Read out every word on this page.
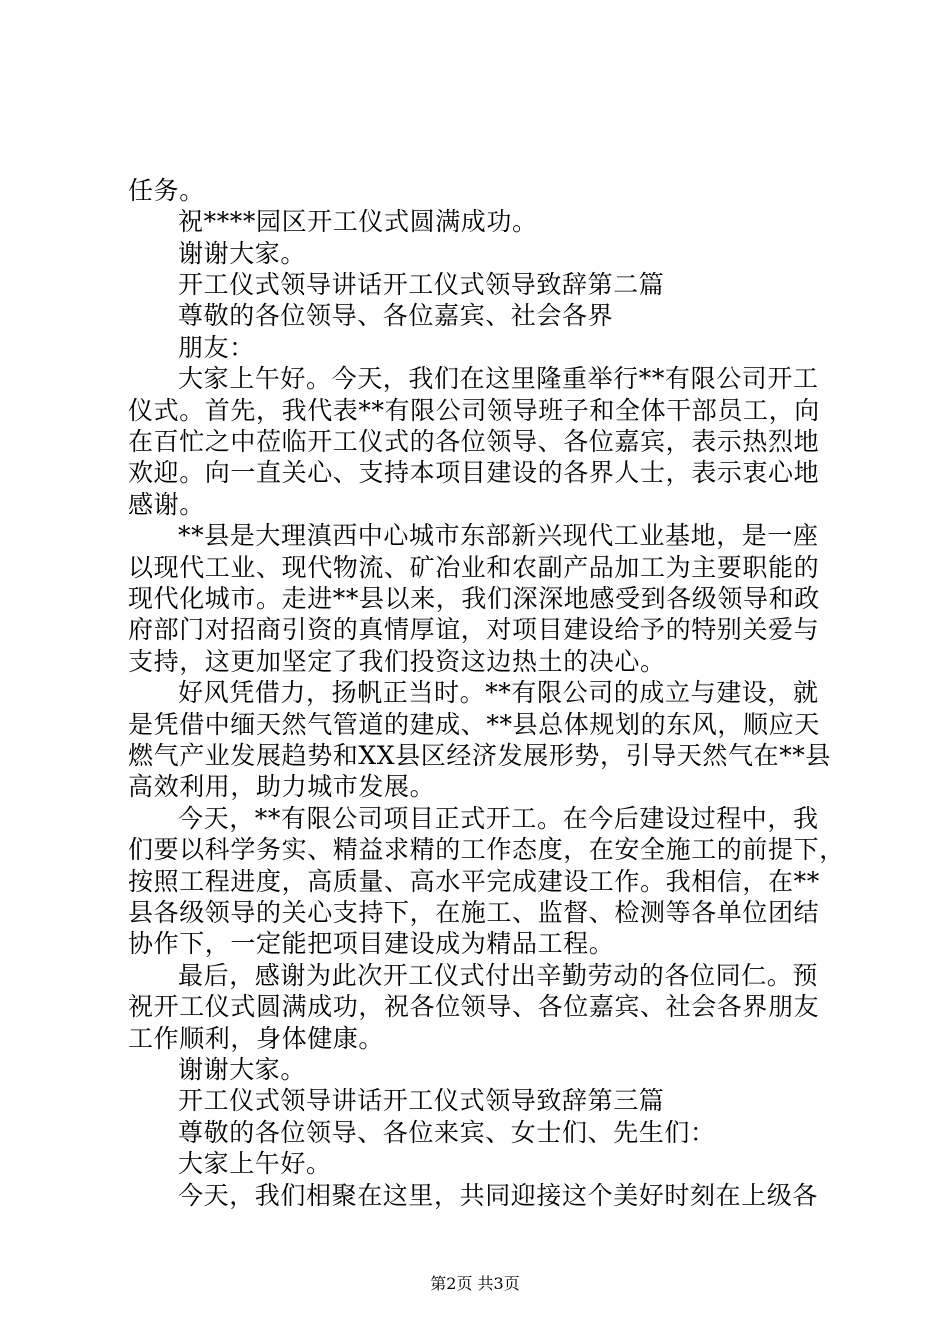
任务。
祝****园区开工仪式圆满成功。
谢谢大家。
开工仪式领导讲话开工仪式领导致辞第二篇
尊敬的各位领导、各位嘉宾、社会各界
朋友：
大家上午好。今天，我们在这里隆重举行**有限公司开工
仪式。首先，我代表**有限公司领导班子和全体干部员工，向
在百忙之中莅临开工仪式的各位领导、各位嘉宾，表示热烈地
欢迎。向一直关心、支持本项目建设的各界人士，表示衷心地
感谢。
**县是大理滇西中心城市东部新兴现代工业基地，是一座
以现代工业、现代物流、矿冶业和农副产品加工为主要职能的
现代化城市。走进**县以来，我们深深地感受到各级领导和政
府部门对招商引资的真情厚谊，对项目建设给予的特别关爱与
支持，这更加坚定了我们投资这边热土的决心。
好风凭借力，扬帆正当时。**有限公司的成立与建设，就
是凭借中缅天然气管道的建成、**县总体规划的东风，顺应天
燃气产业发展趋势和XX县区经济发展形势，引导天然气在**县
高效利用，助力城市发展。
今天，**有限公司项目正式开工。在今后建设过程中，我
们要以科学务实、精益求精的工作态度，在安全施工的前提下，
按照工程进度，高质量、高水平完成建设工作。我相信，在**
县各级领导的关心支持下，在施工、监督、检测等各单位团结
协作下，一定能把项目建设成为精品工程。
最后，感谢为此次开工仪式付出辛勤劳动的各位同仁。预
祝开工仪式圆满成功，祝各位领导、各位嘉宾、社会各界朋友
工作顺利，身体健康。
谢谢大家。
开工仪式领导讲话开工仪式领导致辞第三篇
尊敬的各位领导、各位来宾、女士们、先生们：
大家上午好。
今天，我们相聚在这里，共同迎接这个美好时刻在上级各
第2页 共3页
